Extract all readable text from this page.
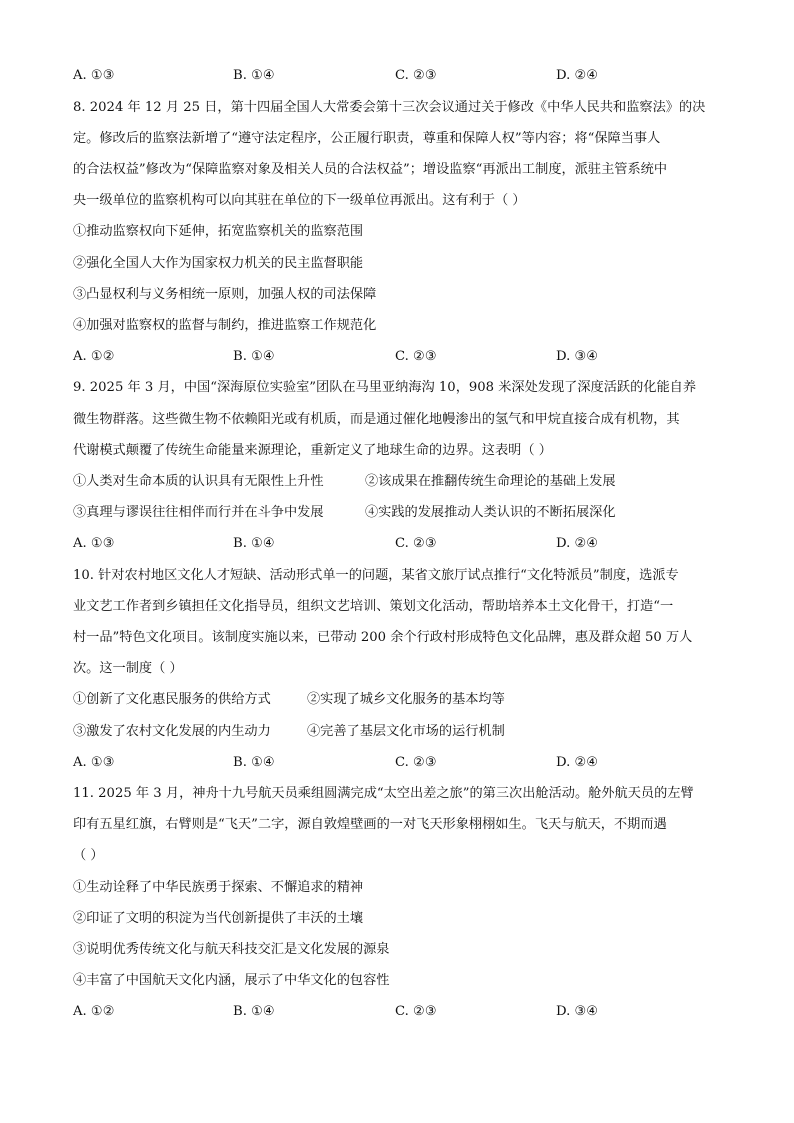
A. ①③	B. ①④	C. ②③	D. ②④
8. 2024 年 12 月 25 日，第十四届全国人大常委会第十三次会议通过关于修改《中华人民共和监察法》的决
定。修改后的监察法新增了“遵守法定程序，公正履行职责，尊重和保障人权”等内容；将“保障当事人
的合法权益”修改为“保障监察对象及相关人员的合法权益”；增设监察“再派出工制度，派驻主管系统中
央一级单位的监察机构可以向其驻在单位的下一级单位再派出。这有利于（ ）
①推动监察权向下延伸，拓宽监察机关的监察范围
②强化全国人大作为国家权力机关的民主监督职能
③凸显权利与义务相统一原则，加强人权的司法保障
④加强对监察权的监督与制约，推进监察工作规范化
A. ①②	B. ①④	C. ②③	D. ③④
9. 2025 年 3 月，中国“深海原位实验室”团队在马里亚纳海沟 10，908 米深处发现了深度活跃的化能自养
微生物群落。这些微生物不依赖阳光或有机质，而是通过催化地幔渗出的氢气和甲烷直接合成有机物，其
代谢模式颠覆了传统生命能量来源理论，重新定义了地球生命的边界。这表明（ ）
①人类对生命本质的认识具有无限性上升性	②该成果在推翻传统生命理论的基础上发展
③真理与谬误往往相伴而行并在斗争中发展	④实践的发展推动人类认识的不断拓展深化
A. ①③	B. ①④	C. ②③	D. ②④
10. 针对农村地区文化人才短缺、活动形式单一的问题，某省文旅厅试点推行“文化特派员”制度，选派专
业文艺工作者到乡镇担任文化指导员，组织文艺培训、策划文化活动，帮助培养本土文化骨干，打造“一
村一品”特色文化项目。该制度实施以来，已带动 200 余个行政村形成特色文化品牌，惠及群众超 50 万人
次。这一制度（ ）
①创新了文化惠民服务的供给方式	②实现了城乡文化服务的基本均等
③激发了农村文化发展的内生动力	④完善了基层文化市场的运行机制
A. ①③	B. ①④	C. ②③	D. ②④
11. 2025 年 3 月，神舟十九号航天员乘组圆满完成“太空出差之旅”的第三次出舱活动。舱外航天员的左臂
印有五星红旗，右臂则是“飞天”二字，源自敦煌壁画的一对飞天形象栩栩如生。飞天与航天，不期而遇
（ ）
①生动诠释了中华民族勇于探索、不懈追求的精神
②印证了文明的积淀为当代创新提供了丰沃的土壤
③说明优秀传统文化与航天科技交汇是文化发展的源泉
④丰富了中国航天文化内涵，展示了中华文化的包容性
A. ①②	B. ①④	C. ②③	D. ③④
